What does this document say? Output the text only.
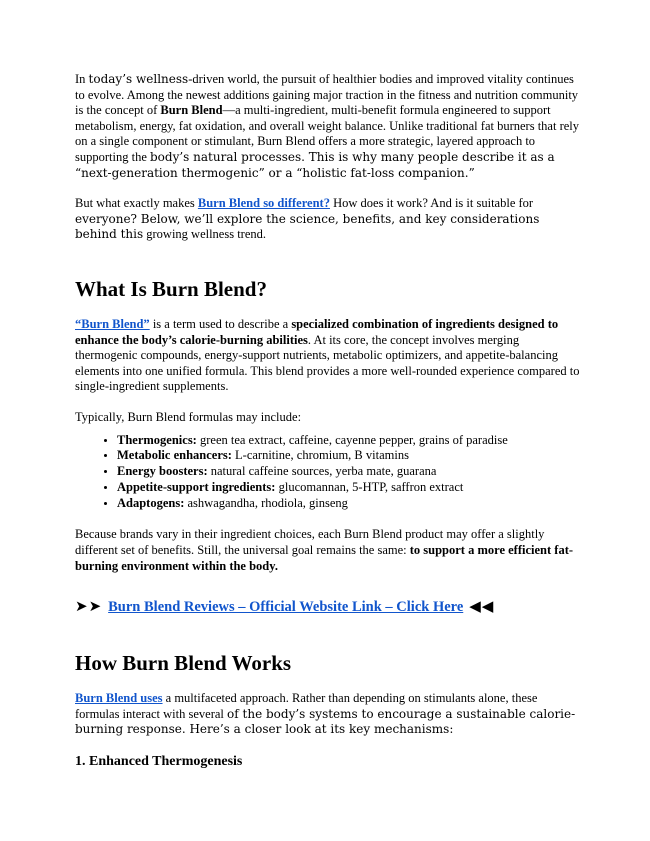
In today’s wellness-driven world, the pursuit of healthier bodies and improved vitality continues to evolve. Among the newest additions gaining major traction in the fitness and nutrition community is the concept of Burn Blend—a multi-ingredient, multi-benefit formula engineered to support metabolism, energy, fat oxidation, and overall weight balance. Unlike traditional fat burners that rely on a single component or stimulant, Burn Blend offers a more strategic, layered approach to supporting the body’s natural processes. This is why many people describe it as a “next-generation thermogenic” or a “holistic fat-loss companion.”

But what exactly makes Burn Blend so different? How does it work? And is it suitable for everyone? Below, we’ll explore the science, benefits, and key considerations behind this growing wellness trend.

What Is Burn Blend?

“Burn Blend” is a term used to describe a specialized combination of ingredients designed to enhance the body’s calorie-burning abilities. At its core, the concept involves merging thermogenic compounds, energy-support nutrients, metabolic optimizers, and appetite-balancing elements into one unified formula. This blend provides a more well-rounded experience compared to single-ingredient supplements.

Typically, Burn Blend formulas may include:

• Thermogenics: green tea extract, caffeine, cayenne pepper, grains of paradise
• Metabolic enhancers: L-carnitine, chromium, B vitamins
• Energy boosters: natural caffeine sources, yerba mate, guarana
• Appetite-support ingredients: glucomannan, 5-HTP, saffron extract
• Adaptogens: ashwagandha, rhodiola, ginseng

Because brands vary in their ingredient choices, each Burn Blend product may offer a slightly different set of benefits. Still, the universal goal remains the same: to support a more efficient fat-burning environment within the body.

➤➤ Burn Blend Reviews – Official Website Link – Click Here ◀◀
How Burn Blend Works

Burn Blend uses a multifaceted approach. Rather than depending on stimulants alone, these formulas interact with several of the body’s systems to encourage a sustainable calorie-burning response. Here’s a closer look at its key mechanisms:

1. Enhanced Thermogenesis
